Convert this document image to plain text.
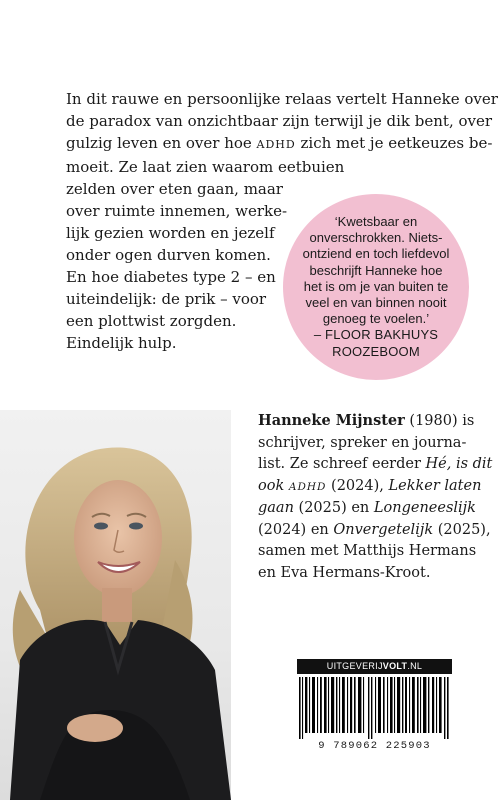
In dit rauwe en persoonlijke relaas vertelt Hanneke over
de paradox van onzichtbaar zijn terwijl je dik bent, over
gulzig leven en over hoe ADHD zich met je eetkeuzes be-
moeit. Ze laat zien waarom eetbuien
zelden over eten gaan, maar
over ruimte innemen, werke-
lijk gezien worden en jezelf
onder ogen durven komen.
En hoe diabetes type 2 – en
uiteindelijk: de prik – voor
een plottwist zorgden.
Eindelijk hulp.

‘Kwetsbaar en
onverschrokken. Niets-
ontziend en toch liefdevol
beschrijft Hanneke hoe
het is om je van buiten te
veel en van binnen nooit
genoeg te voelen.’
– FLOOR BAKHUYS
ROOZEBOOM

Hanneke Mijnster (1980) is
schrijver, spreker en journa-
list. Ze schreef eerder Hé, is dit
ook ADHD (2024), Lekker laten
gaan (2025) en Longeneeslijk
(2024) en Onvergetelijk (2025),
samen met Matthijs Hermans
en Eva Hermans-Kroot.

UITGEVERIJVOLT.NL
9 789062 225903
